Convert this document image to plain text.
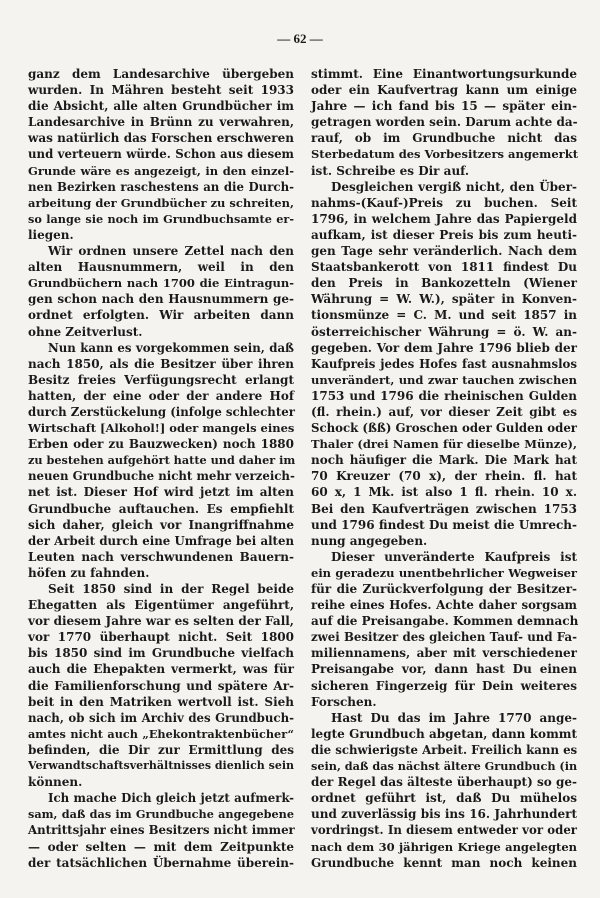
— 62 —
ganz dem Landesarchive übergeben
wurden. In Mähren besteht seit 1933
die Absicht, alle alten Grundbücher im
Landesarchive in Brünn zu verwahren,
was natürlich das Forschen erschweren
und verteuern würde. Schon aus diesem
Grunde wäre es angezeigt, in den einzel-
nen Bezirken raschestens an die Durch-
arbeitung der Grundbücher zu schreiten,
so lange sie noch im Grundbuchsamte er-
liegen.
Wir ordnen unsere Zettel nach den
alten Hausnummern, weil in den
Grundbüchern nach 1700 die Eintragun-
gen schon nach den Hausnummern ge-
ordnet erfolgten. Wir arbeiten dann
ohne Zeitverlust.
Nun kann es vorgekommen sein, daß
nach 1850, als die Besitzer über ihren
Besitz freies Verfügungsrecht erlangt
hatten, der eine oder der andere Hof
durch Zerstückelung (infolge schlechter
Wirtschaft [Alkohol!] oder mangels eines
Erben oder zu Bauzwecken) noch 1880
zu bestehen aufgehört hatte und daher im
neuen Grundbuche nicht mehr verzeich-
net ist. Dieser Hof wird jetzt im alten
Grundbuche auftauchen. Es empfiehlt
sich daher, gleich vor Inangriffnahme
der Arbeit durch eine Umfrage bei alten
Leuten nach verschwundenen Bauern-
höfen zu fahnden.
Seit 1850 sind in der Regel beide
Ehegatten als Eigentümer angeführt,
vor diesem Jahre war es selten der Fall,
vor 1770 überhaupt nicht. Seit 1800
bis 1850 sind im Grundbuche vielfach
auch die Ehepakten vermerkt, was für
die Familienforschung und spätere Ar-
beit in den Matriken wertvoll ist. Sieh
nach, ob sich im Archiv des Grundbuch-
amtes nicht auch „Ehekontraktenbücher“
befinden, die Dir zur Ermittlung des
Verwandtschaftsverhältnisses dienlich sein
können.
Ich mache Dich gleich jetzt aufmerk-
sam, daß das im Grundbuche angegebene
Antrittsjahr eines Besitzers nicht immer
— oder selten — mit dem Zeitpunkte
der tatsächlichen Übernahme überein-
stimmt. Eine Einantwortungsurkunde
oder ein Kaufvertrag kann um einige
Jahre — ich fand bis 15 — später ein-
getragen worden sein. Darum achte da-
rauf, ob im Grundbuche nicht das
Sterbedatum des Vorbesitzers angemerkt
ist. Schreibe es Dir auf.
Desgleichen vergiß nicht, den Über-
nahms-(Kauf-)Preis zu buchen. Seit
1796, in welchem Jahre das Papiergeld
aufkam, ist dieser Preis bis zum heuti-
gen Tage sehr veränderlich. Nach dem
Staatsbankerott von 1811 findest Du
den Preis in Bankozetteln (Wiener
Währung = W. W.), später in Konven-
tionsmünze = C. M. und seit 1857 in
österreichischer Währung = ö. W. an-
gegeben. Vor dem Jahre 1796 blieb der
Kaufpreis jedes Hofes fast ausnahmslos
unverändert, und zwar tauchen zwischen
1753 und 1796 die rheinischen Gulden
(fl. rhein.) auf, vor dieser Zeit gibt es
Schock (ßß) Groschen oder Gulden oder
Thaler (drei Namen für dieselbe Münze),
noch häufiger die Mark. Die Mark hat
70 Kreuzer (70 x), der rhein. fl. hat
60 x, 1 Mk. ist also 1 fl. rhein. 10 x.
Bei den Kaufverträgen zwischen 1753
und 1796 findest Du meist die Umrech-
nung angegeben.
Dieser unveränderte Kaufpreis ist
ein geradezu unentbehrlicher Wegweiser
für die Zurückverfolgung der Besitzer-
reihe eines Hofes. Achte daher sorgsam
auf die Preisangabe. Kommen demnach
zwei Besitzer des gleichen Tauf- und Fa-
miliennamens, aber mit verschiedener
Preisangabe vor, dann hast Du einen
sicheren Fingerzeig für Dein weiteres
Forschen.
Hast Du das im Jahre 1770 ange-
legte Grundbuch abgetan, dann kommt
die schwierigste Arbeit. Freilich kann es
sein, daß das nächst ältere Grundbuch (in
der Regel das älteste überhaupt) so ge-
ordnet geführt ist, daß Du mühelos
und zuverlässig bis ins 16. Jahrhundert
vordringst. In diesem entweder vor oder
nach dem 30 jährigen Kriege angelegten
Grundbuche kennt man noch keinen
